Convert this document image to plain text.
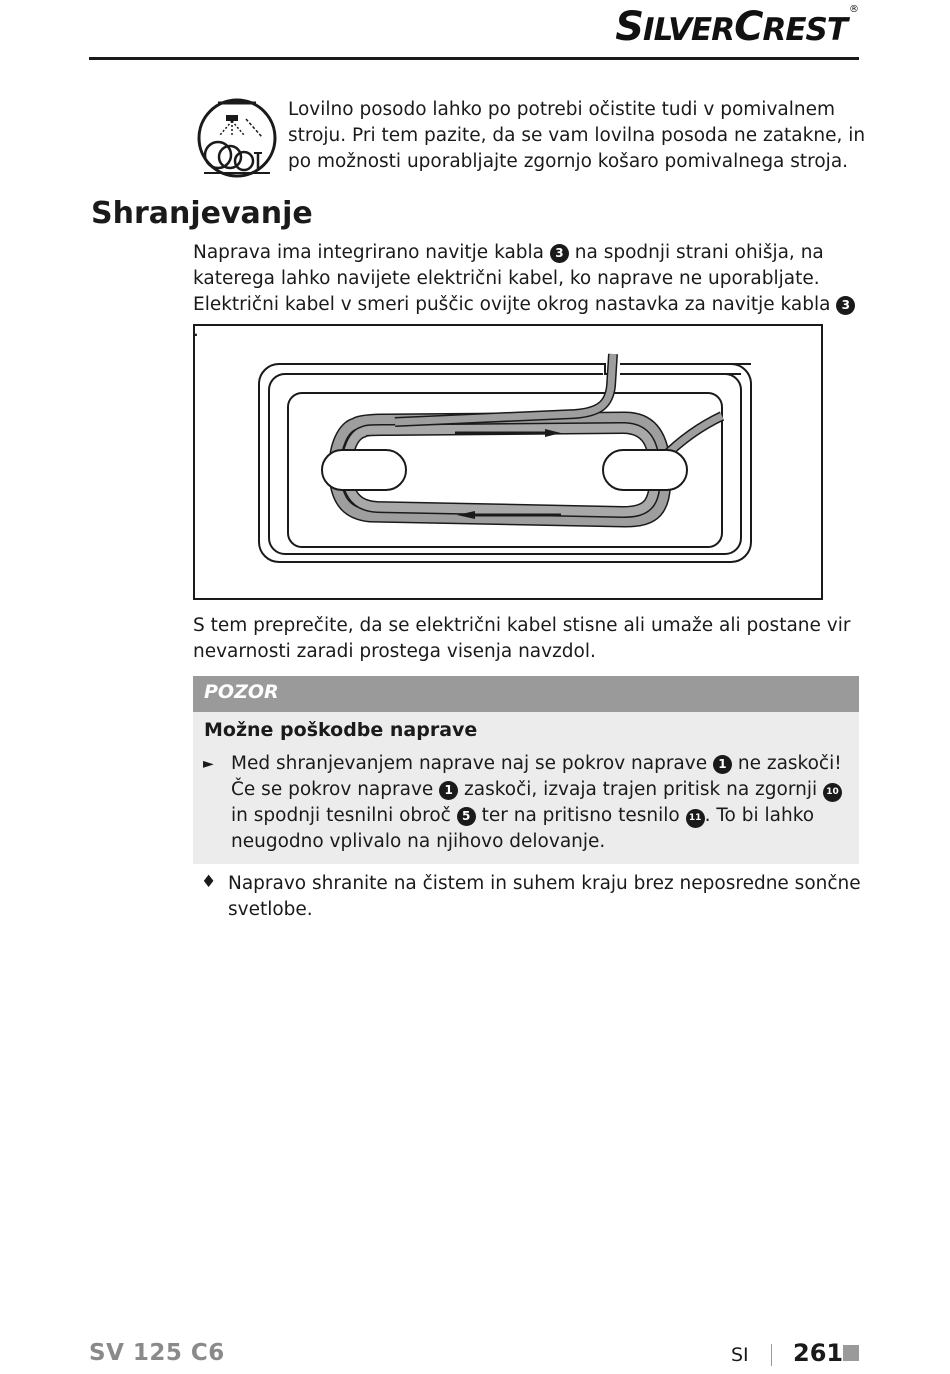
SILVERCREST®
Lovilno posodo lahko po potrebi očistite tudi v pomivalnem stroju. Pri tem pazite, da se vam lovilna posoda ne zatakne, in po možnosti uporabljajte zgornjo košaro pomivalnega stroja.
Shranjevanje
Naprava ima integrirano navitje kabla 3 na spodnji strani ohišja, na katerega lahko navijete električni kabel, ko naprave ne uporabljate. Električni kabel v smeri puščic ovijte okrog nastavka za navitje kabla 3.
S tem preprečite, da se električni kabel stisne ali umaže ali postane vir nevarnosti zaradi prostega visenja navzdol.
POZOR
Možne poškodbe naprave
► Med shranjevanjem naprave naj se pokrov naprave 1 ne zaskoči! Če se pokrov naprave 1 zaskoči, izvaja trajen pritisk na zgornji 10 in spodnji tesnilni obroč 5 ter na pritisno tesnilo 11 . To bi lahko neugodno vplivalo na njihovo delovanje.
♦ Napravo shranite na čistem in suhem kraju brez neposredne sončne svetlobe.
SV 125 C6	SI 261
